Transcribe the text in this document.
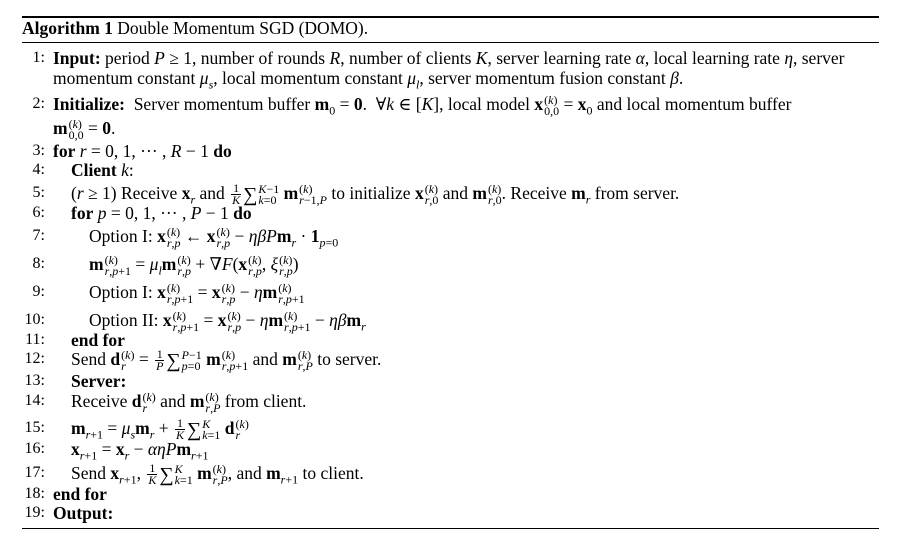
Algorithm 1 Double Momentum SGD (DOMO).
1: Input: period P ≥ 1, number of rounds R, number of clients K, server learning rate α, local learning rate η, server
momentum constant $\mu_s$, local momentum constant $\mu_l$, server momentum fusion constant β.
2: Initialize:  Server momentum buffer $m_0 = 0$.  ∀k ∈ [K], local model x (k)
$0,0 = x_0$ and local momentum buffer
m (k)
0,0 = 0.
3: for r = 0, 1, ··· , R − 1 do
4: Client k:
5: (r ≥ 1) Receive $x_r$ and $\frac{1}{K}$ ∑ K−1
k=0 m (k)
r−1,P to initialize x (k)
r,0 and m (k)
r,0 . Receive $m_r$ from server.
6: for p = 0, 1, ··· , P − 1 do
7:	Option I: x (k)
r,p ← x (k)
$r,p - \eta\beta Pm_r \cdot 1_{p=0}$
8:	m (k)
$r,p+1 = \mu_lm$ (k)
r,p + ∇F(x (k)
r,p , ξ (k)
r,p )
9:	Option I: x (k)
r,p+1 = x (k)
r,p − ηm (k)
r,p+1
10:	Option II: x (k)
r,p+1 = x (k)
r,p − ηm (k)
r,p+1 − ηβm$_r$
11: end for
12: Send d (k)
$r = \frac{1}{P}$ ∑ P−1
p=0 m (k)
r,p+1 and m (k)
r,P to server.
13: Server:
14: Receive d (k)
r and m (k)
r,P from client.
15: $m_{r+1} = \mu_sm_r + \frac{1}{K}$ ∑ K
k=1 d (k)
r
16: $x_{r+1} = x_r - \alpha\eta Pm_{r+1}$
17: Send $x_{r+1}$, $\frac{1}{K}$ ∑ K
k=1 m (k)
r,P , and $m_{r+1}$ to client.
18: end for
19: Output:
